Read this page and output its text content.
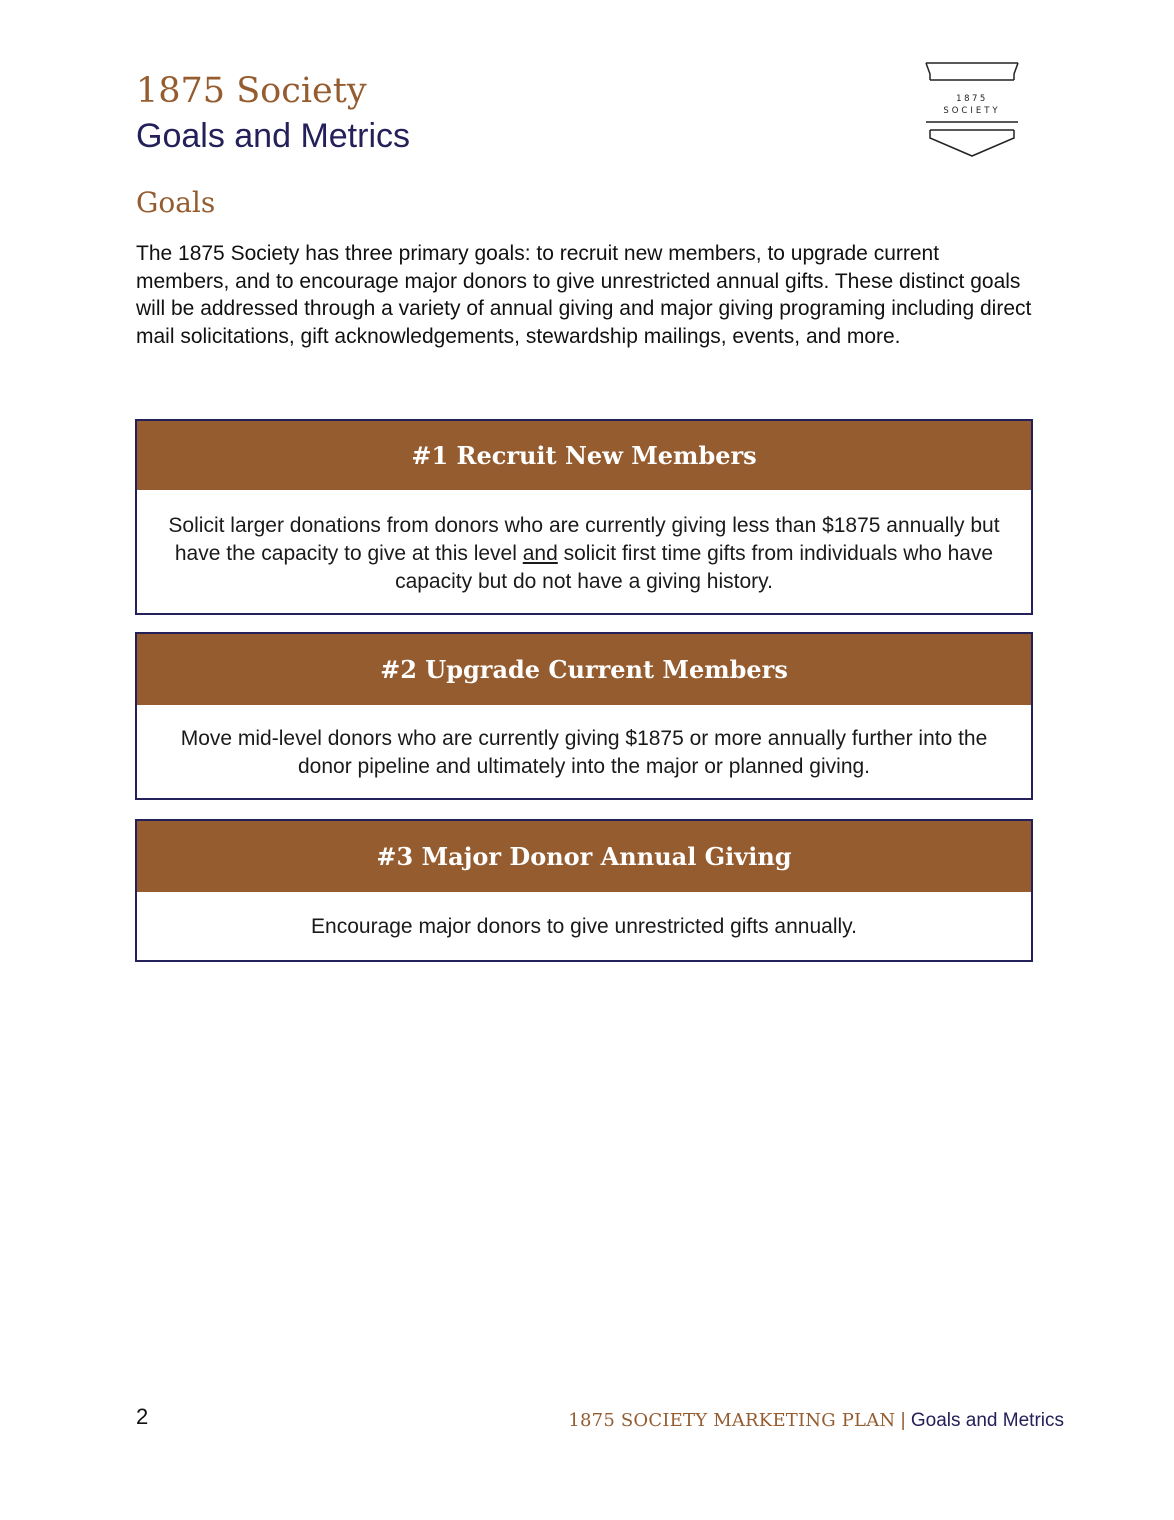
1875 Society
Goals and Metrics
1875
SOCIETY
Goals

The 1875 Society has three primary goals: to recruit new members, to upgrade current members, and to encourage major donors to give unrestricted annual gifts. These distinct goals will be addressed through a variety of annual giving and major giving programing including direct mail solicitations, gift acknowledgements, stewardship mailings, events, and more.

#1 Recruit New Members

Solicit larger donations from donors who are currently giving less than $1875 annually but have the capacity to give at this level and solicit first time gifts from individuals who have capacity but do not have a giving history.

#2 Upgrade Current Members

Move mid-level donors who are currently giving $1875 or more annually further into the donor pipeline and ultimately into the major or planned giving.

#3 Major Donor Annual Giving

Encourage major donors to give unrestricted gifts annually.

2	1875 SOCIETY MARKETING PLAN | Goals and Metrics
